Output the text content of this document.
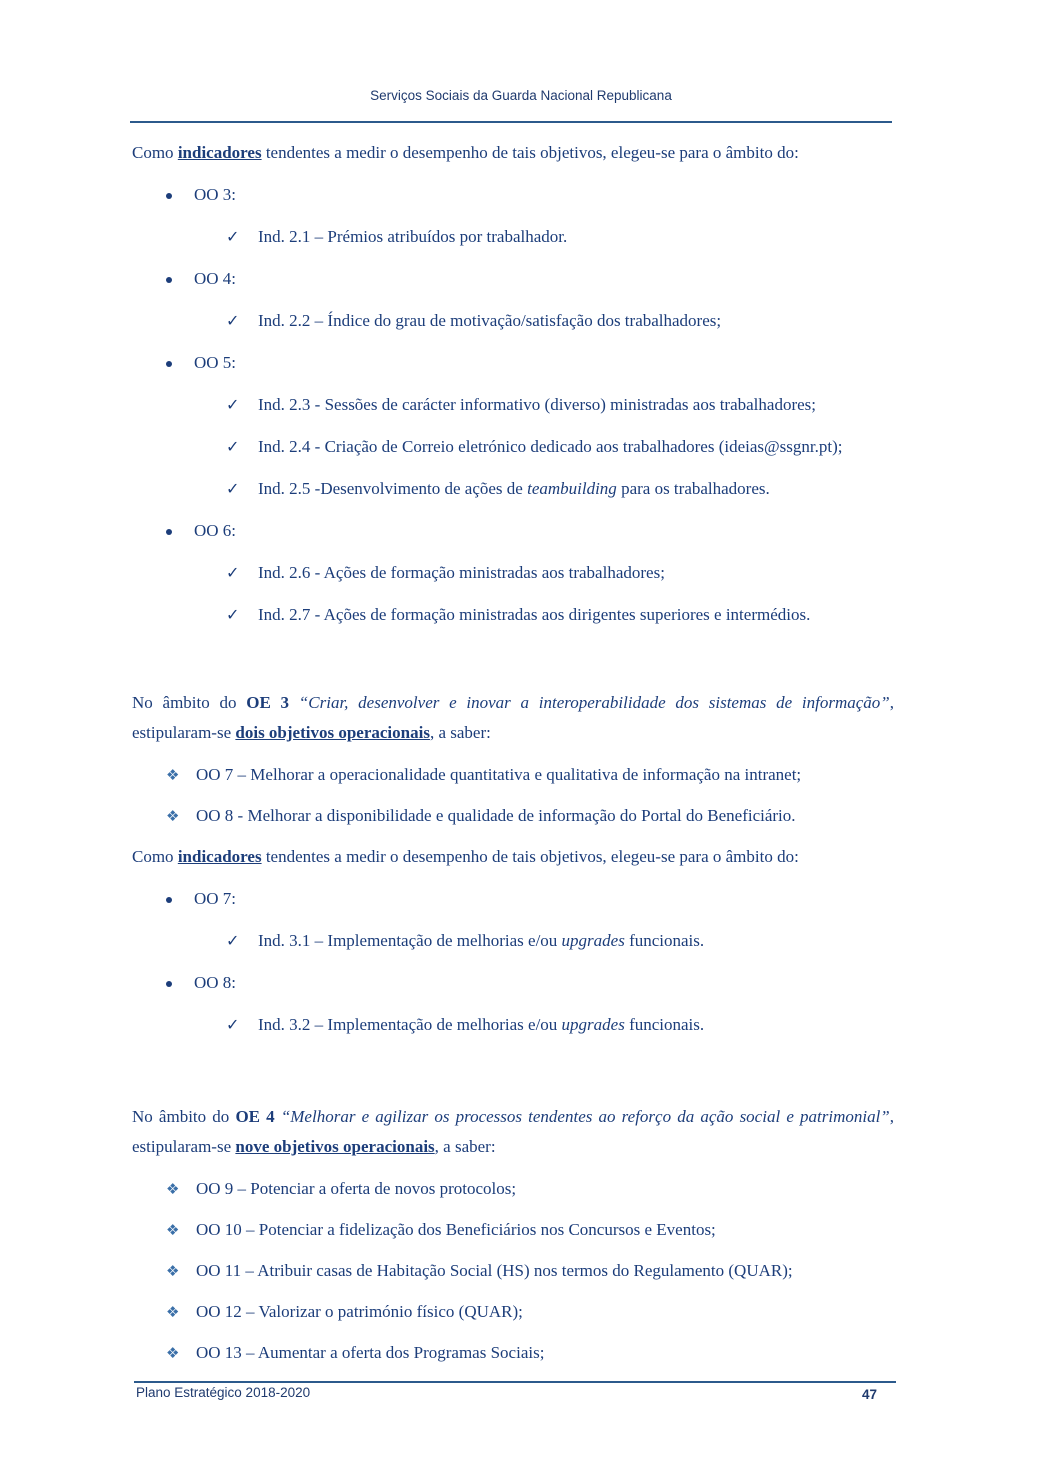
Serviços Sociais da Guarda Nacional Republicana

Como indicadores tendentes a medir o desempenho de tais objetivos, elegeu-se para o âmbito do:

OO 3:
✓ Ind. 2.1 – Prémios atribuídos por trabalhador.
OO 4:
✓ Ind. 2.2 – Índice do grau de motivação/satisfação dos trabalhadores;
OO 5:
✓ Ind. 2.3 - Sessões de carácter informativo (diverso) ministradas aos trabalhadores;
✓ Ind. 2.4 - Criação de Correio eletrónico dedicado aos trabalhadores (ideias@ssgnr.pt);
✓ Ind. 2.5 -Desenvolvimento de ações de teambuilding para os trabalhadores.
OO 6:
✓ Ind. 2.6 - Ações de formação ministradas aos trabalhadores;
✓ Ind. 2.7 - Ações de formação ministradas aos dirigentes superiores e intermédios.

No âmbito do OE 3 “Criar, desenvolver e inovar a interoperabilidade dos sistemas de informação”, estipularam-se dois objetivos operacionais, a saber:

❖ OO 7 – Melhorar a operacionalidade quantitativa e qualitativa de informação na intranet;
❖ OO 8 - Melhorar a disponibilidade e qualidade de informação do Portal do Beneficiário.

Como indicadores tendentes a medir o desempenho de tais objetivos, elegeu-se para o âmbito do:

OO 7:
✓ Ind. 3.1 – Implementação de melhorias e/ou upgrades funcionais.
OO 8:
✓ Ind. 3.2 – Implementação de melhorias e/ou upgrades funcionais.

No âmbito do OE 4 “Melhorar e agilizar os processos tendentes ao reforço da ação social e patrimonial”, estipularam-se nove objetivos operacionais, a saber:

❖ OO 9 – Potenciar a oferta de novos protocolos;
❖ OO 10 – Potenciar a fidelização dos Beneficiários nos Concursos e Eventos;
❖ OO 11 – Atribuir casas de Habitação Social (HS) nos termos do Regulamento (QUAR);
❖ OO 12 – Valorizar o património físico (QUAR);
❖ OO 13 – Aumentar a oferta dos Programas Sociais;
Plano Estratégico 2018-2020	47
